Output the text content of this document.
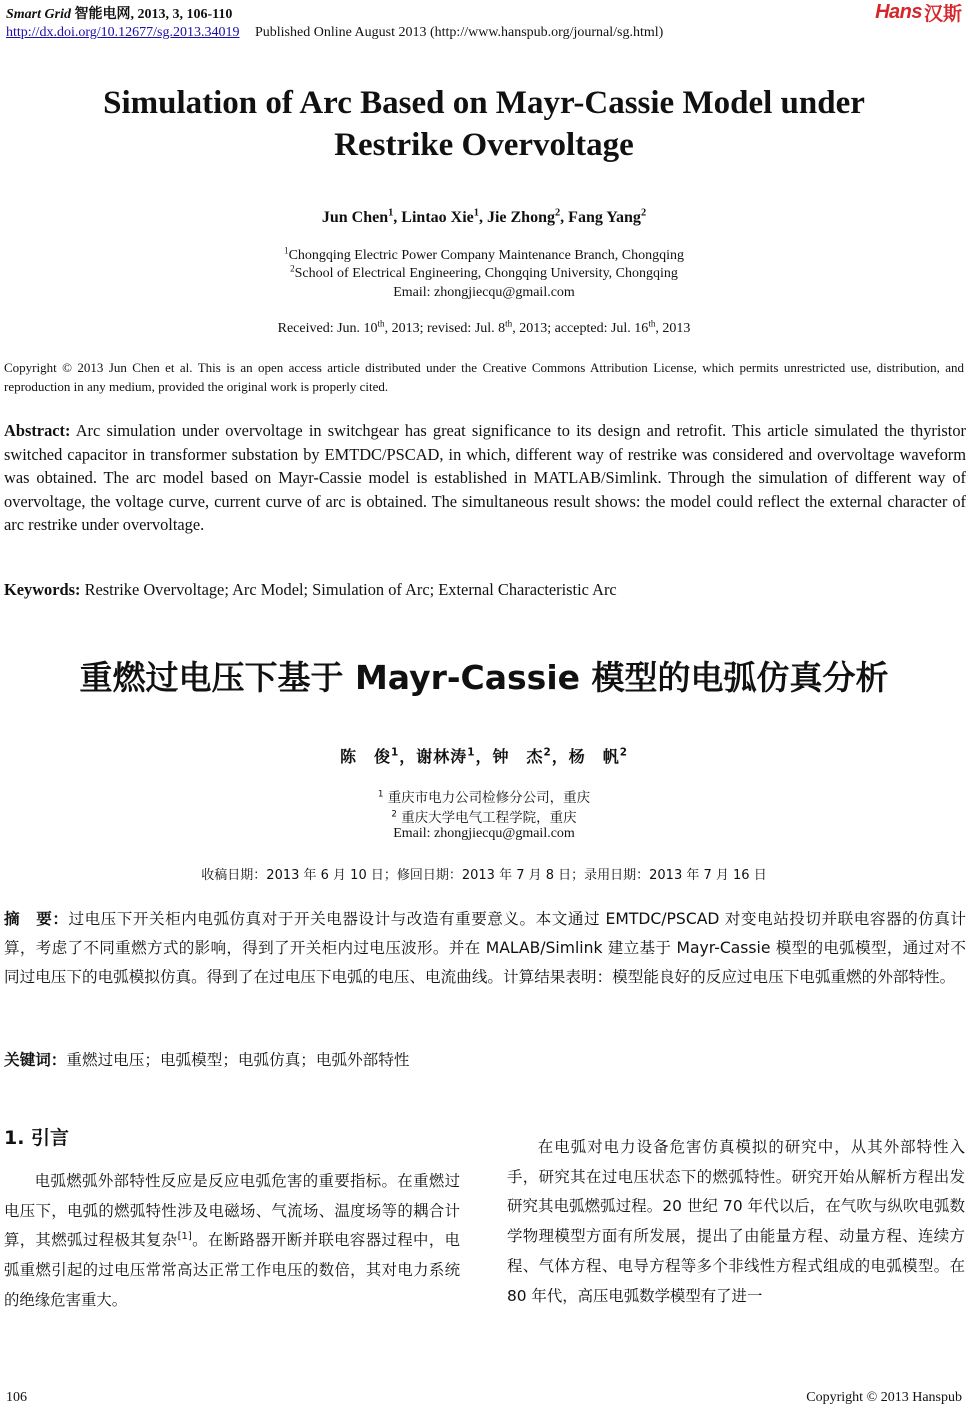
Smart Grid 智能电网, 2013, 3, 106-110
http://dx.doi.org/10.12677/sg.2013.34019 Published Online August 2013 (http://www.hanspub.org/journal/sg.html)
Hans 汉斯
Simulation of Arc Based on Mayr-Cassie Model under
Restrike Overvoltage
Jun Chen$^1$, Lintao Xie$^1$, Jie Zhong$^2$, Fang Yang$^2$
$^1$Chongqing Electric Power Company Maintenance Branch, Chongqing
$^2$School of Electrical Engineering, Chongqing University, Chongqing
Email: zhongjiecqu@gmail.com
Received: Jun. 10th, 2013; revised: Jul. 8th, 2013; accepted: Jul. 16th, 2013
Copyright © 2013 Jun Chen et al. This is an open access article distributed under the Creative Commons Attribution License, which permits unrestricted use, distribution, and reproduction in any medium, provided the original work is properly cited.
Abstract: Arc simulation under overvoltage in switchgear has great significance to its design and retrofit. This article simulated the thyristor switched capacitor in transformer substation by EMTDC/PSCAD, in which, different way of restrike was considered and overvoltage waveform was obtained. The arc model based on Mayr-Cassie model is established in MATLAB/Simlink. Through the simulation of different way of overvoltage, the voltage curve, current curve of arc is obtained. The simultaneous result shows: the model could reflect the external character of arc restrike under overvoltage.
Keywords: Restrike Overvoltage; Arc Model; Simulation of Arc; External Characteristic Arc
重燃过电压下基于 Mayr-Cassie 模型的电弧仿真分析
陈　俊$^1$，谢林涛$^1$，钟　杰$^2$，杨　帆$^2$
$^1$ 重庆市电力公司检修分公司，重庆
$^2$ 重庆大学电气工程学院，重庆
Email: zhongjiecqu@gmail.com
收稿日期：2013 年 6 月 10 日；修回日期：2013 年 7 月 8 日；录用日期：2013 年 7 月 16 日
摘　要：过电压下开关柜内电弧仿真对于开关电器设计与改造有重要意义。本文通过 EMTDC/PSCAD 对变电站投切并联电容器的仿真计算，考虑了不同重燃方式的影响，得到了开关柜内过电压波形。并在 MALAB/Simlink 建立基于 Mayr-Cassie 模型的电弧模型，通过对不同过电压下的电弧模拟仿真。得到了在过电压下电弧的电压、电流曲线。计算结果表明：模型能良好的反应过电压下电弧重燃的外部特性。
关键词：重燃过电压；电弧模型；电弧仿真；电弧外部特性
1. 引言
电弧燃弧外部特性反应是反应电弧危害的重要指标。在重燃过电压下，电弧的燃弧特性涉及电磁场、气流场、温度场等的耦合计算，其燃弧过程极其复杂[1]。在断路器开断并联电容器过程中，电弧重燃引起的过电压常常高达正常工作电压的数倍，其对电力系统的绝缘危害重大。
在电弧对电力设备危害仿真模拟的研究中，从其外部特性入手，研究其在过电压状态下的燃弧特性。研究开始从解析方程出发研究其电弧燃弧过程。20 世纪 70 年代以后，在气吹与纵吹电弧数学物理模型方面有所发展，提出了由能量方程、动量方程、连续方程、气体方程、电导方程等多个非线性方程式组成的电弧模型。在 80 年代，高压电弧数学模型有了进一
106	Copyright © 2013 Hanspub
